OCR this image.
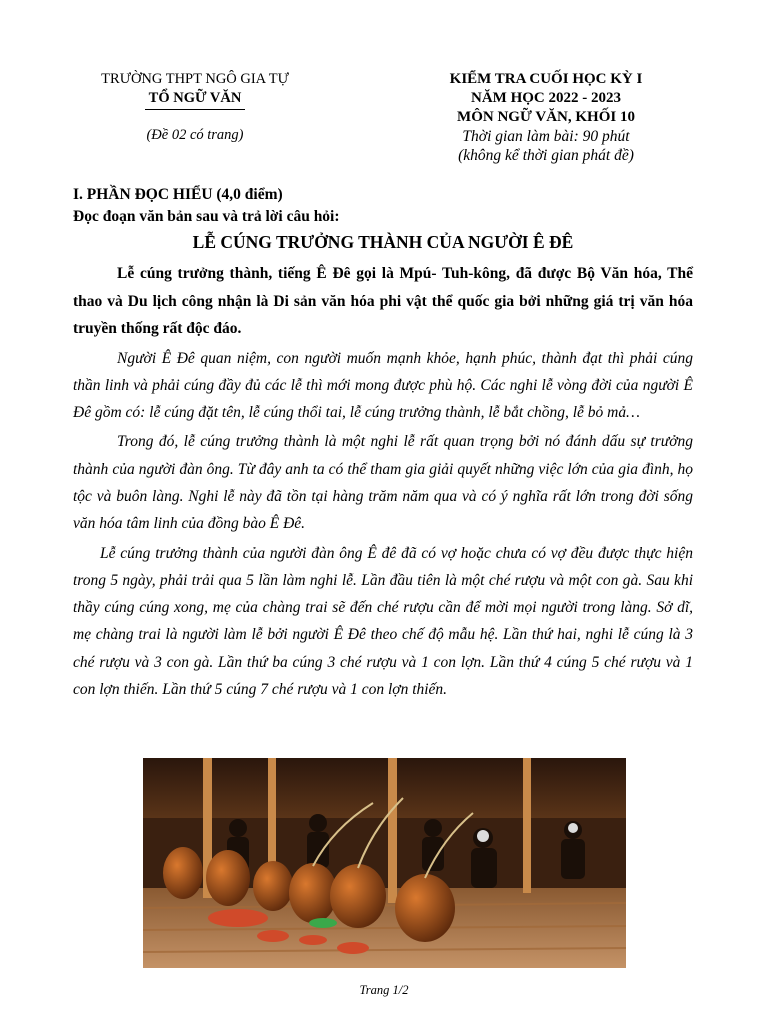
TRƯỜNG THPT NGÔ GIA TỰ
TỔ NGỮ VĂN
(Đề 02 có trang)
KIỂM TRA CUỐI HỌC KỲ I
NĂM HỌC 2022 - 2023
MÔN NGỮ VĂN, KHỐI 10
Thời gian làm bài: 90 phút
(không kể thời gian phát đề)
I. PHẦN ĐỌC HIỂU (4,0 điểm)
Đọc đoạn văn bản sau và trả lời câu hỏi:
LỄ CÚNG TRƯỞNG THÀNH CỦA NGƯỜI Ê ĐÊ
Lễ cúng trưởng thành, tiếng Ê Đê gọi là Mpú- Tuh-kông, đã được Bộ Văn hóa, Thể thao và Du lịch công nhận là Di sản văn hóa phi vật thể quốc gia bởi những giá trị văn hóa truyền thống rất độc đáo.
Người Ê Đê quan niệm, con người muốn mạnh khỏe, hạnh phúc, thành đạt thì phải cúng thần linh và phải cúng đầy đủ các lễ thì mới mong được phù hộ. Các nghi lễ vòng đời của người Ê Đê gồm có: lễ cúng đặt tên, lễ cúng thổi tai, lễ cúng trưởng thành, lễ bắt chồng, lễ bỏ mả…
Trong đó, lễ cúng trưởng thành là một nghi lễ rất quan trọng bởi nó đánh dấu sự trưởng thành của người đàn ông. Từ đây anh ta có thể tham gia giải quyết những việc lớn của gia đình, họ tộc và buôn làng. Nghi lễ này đã tồn tại hàng trăm năm qua và có ý nghĩa rất lớn trong đời sống văn hóa tâm linh của đồng bào Ê Đê.
Lễ cúng trưởng thành của người đàn ông Ê đê đã có vợ hoặc chưa có vợ đều được thực hiện trong 5 ngày, phải trải qua 5 lần làm nghi lễ. Lần đầu tiên là một ché rượu và một con gà. Sau khi thầy cúng cúng xong, mẹ của chàng trai sẽ đến ché rượu cần để mời mọi người trong làng. Sở dĩ, mẹ chàng trai là người làm lễ bởi người Ê Đê theo chế độ mẫu hệ. Lần thứ hai, nghi lễ cúng là 3 ché rượu và 3 con gà. Lần thứ ba cúng 3 ché rượu và 1 con lợn. Lần thứ 4 cúng 5 ché rượu và 1 con lợn thiến. Lần thứ 5 cúng 7 ché rượu và 1 con lợn thiến.
Trang 1/2
